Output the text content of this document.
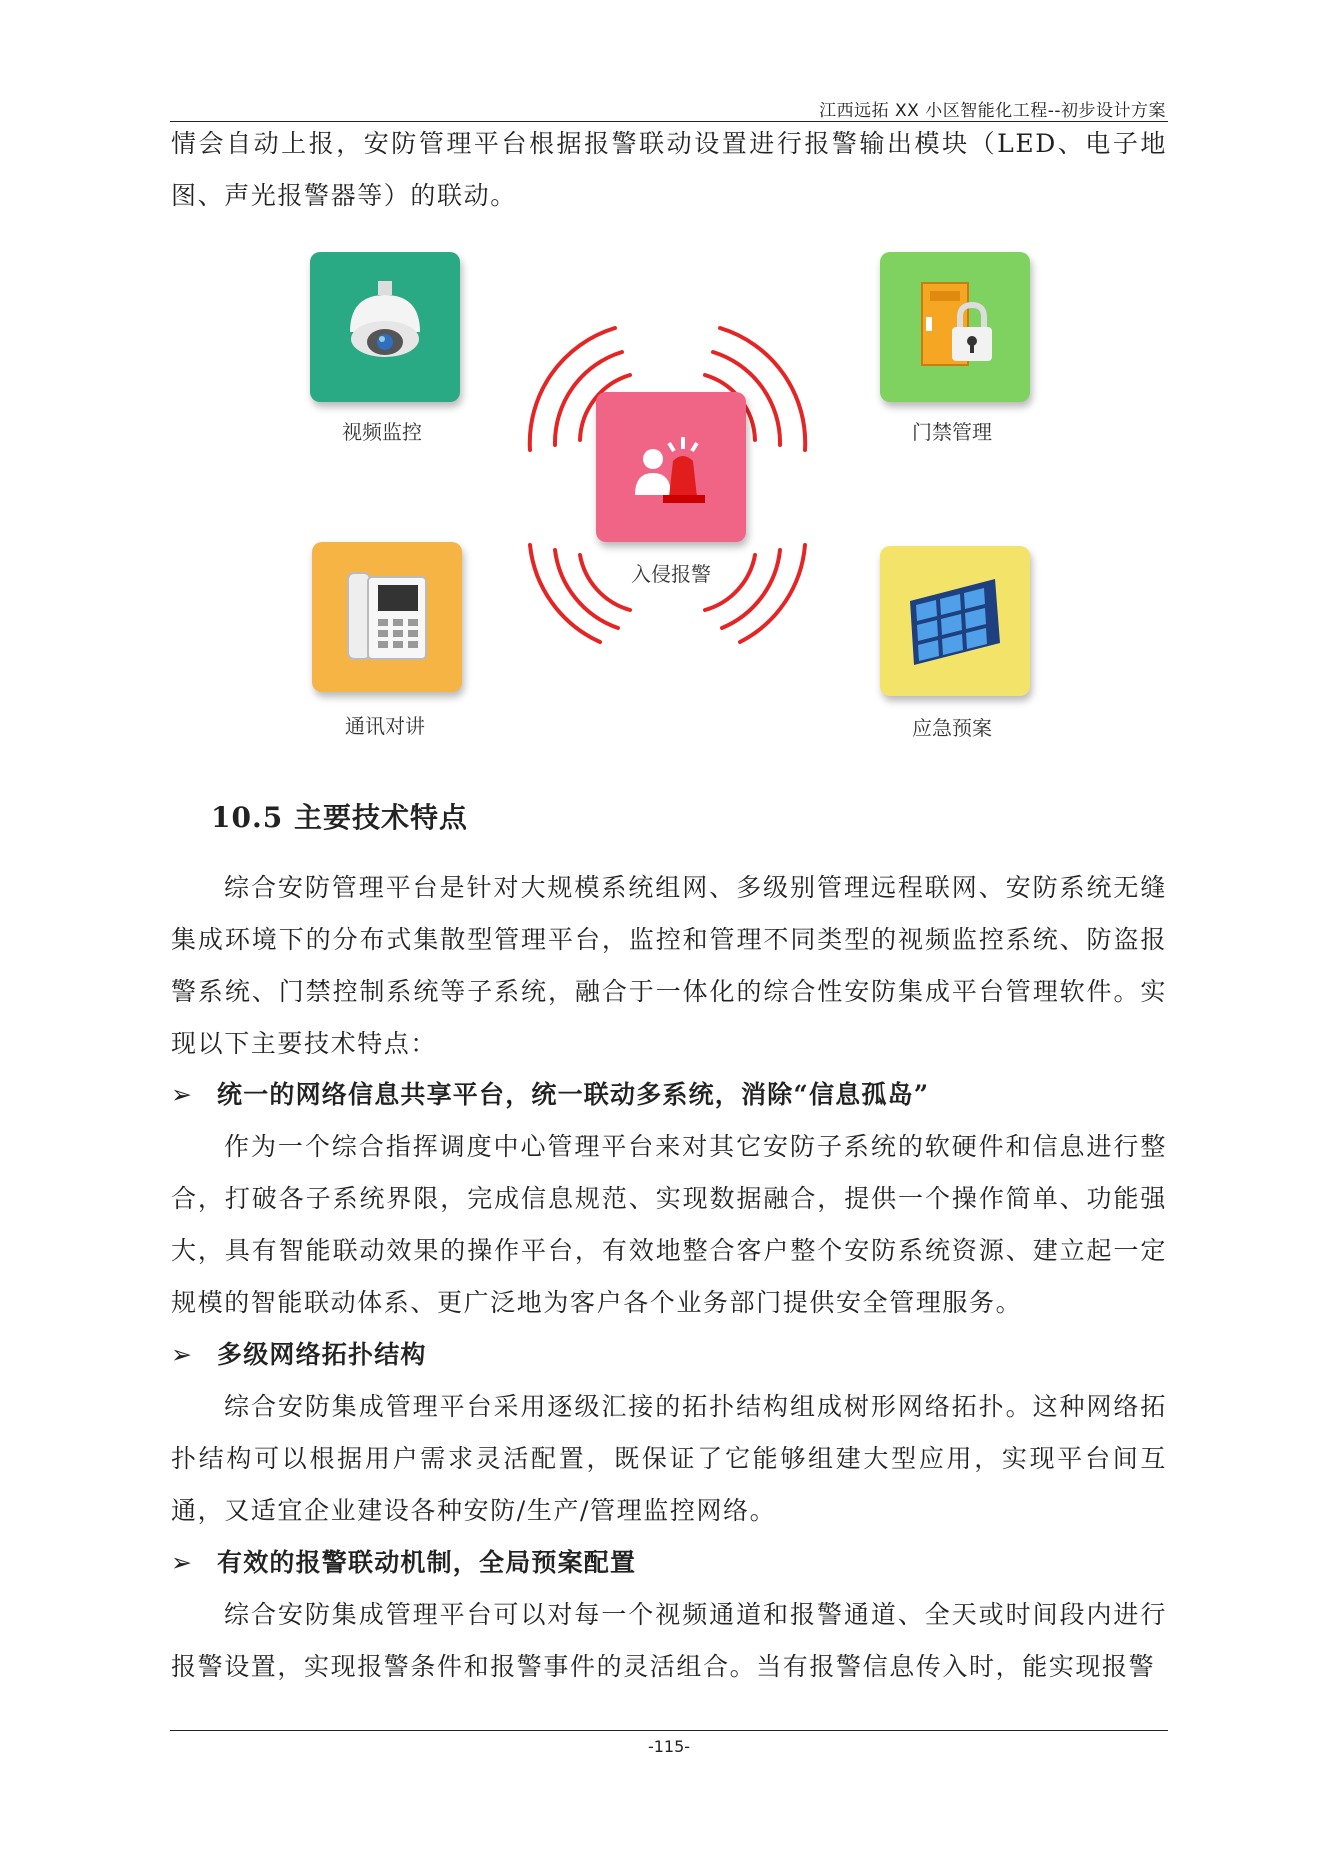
江西远拓 XX 小区智能化工程--初步设计方案

情会自动上报，安防管理平台根据报警联动设置进行报警输出模块（LED、电子地图、声光报警器等）的联动。

视频监控	门禁管理
入侵报警
通讯对讲	应急预案
10.5 主要技术特点

综合安防管理平台是针对大规模系统组网、多级别管理远程联网、安防系统无缝集成环境下的分布式集散型管理平台，监控和管理不同类型的视频监控系统、防盗报警系统、门禁控制系统等子系统，融合于一体化的综合性安防集成平台管理软件。实现以下主要技术特点：

➢ 统一的网络信息共享平台，统一联动多系统，消除“信息孤岛”

作为一个综合指挥调度中心管理平台来对其它安防子系统的软硬件和信息进行整合，打破各子系统界限，完成信息规范、实现数据融合，提供一个操作简单、功能强大，具有智能联动效果的操作平台，有效地整合客户整个安防系统资源、建立起一定规模的智能联动体系、更广泛地为客户各个业务部门提供安全管理服务。

➢ 多级网络拓扑结构

综合安防集成管理平台采用逐级汇接的拓扑结构组成树形网络拓扑。这种网络拓扑结构可以根据用户需求灵活配置，既保证了它能够组建大型应用，实现平台间互通，又适宜企业建设各种安防/生产/管理监控网络。

➢ 有效的报警联动机制，全局预案配置

综合安防集成管理平台可以对每一个视频通道和报警通道、全天或时间段内进行报警设置，实现报警条件和报警事件的灵活组合。当有报警信息传入时，能实现报警

-115-
